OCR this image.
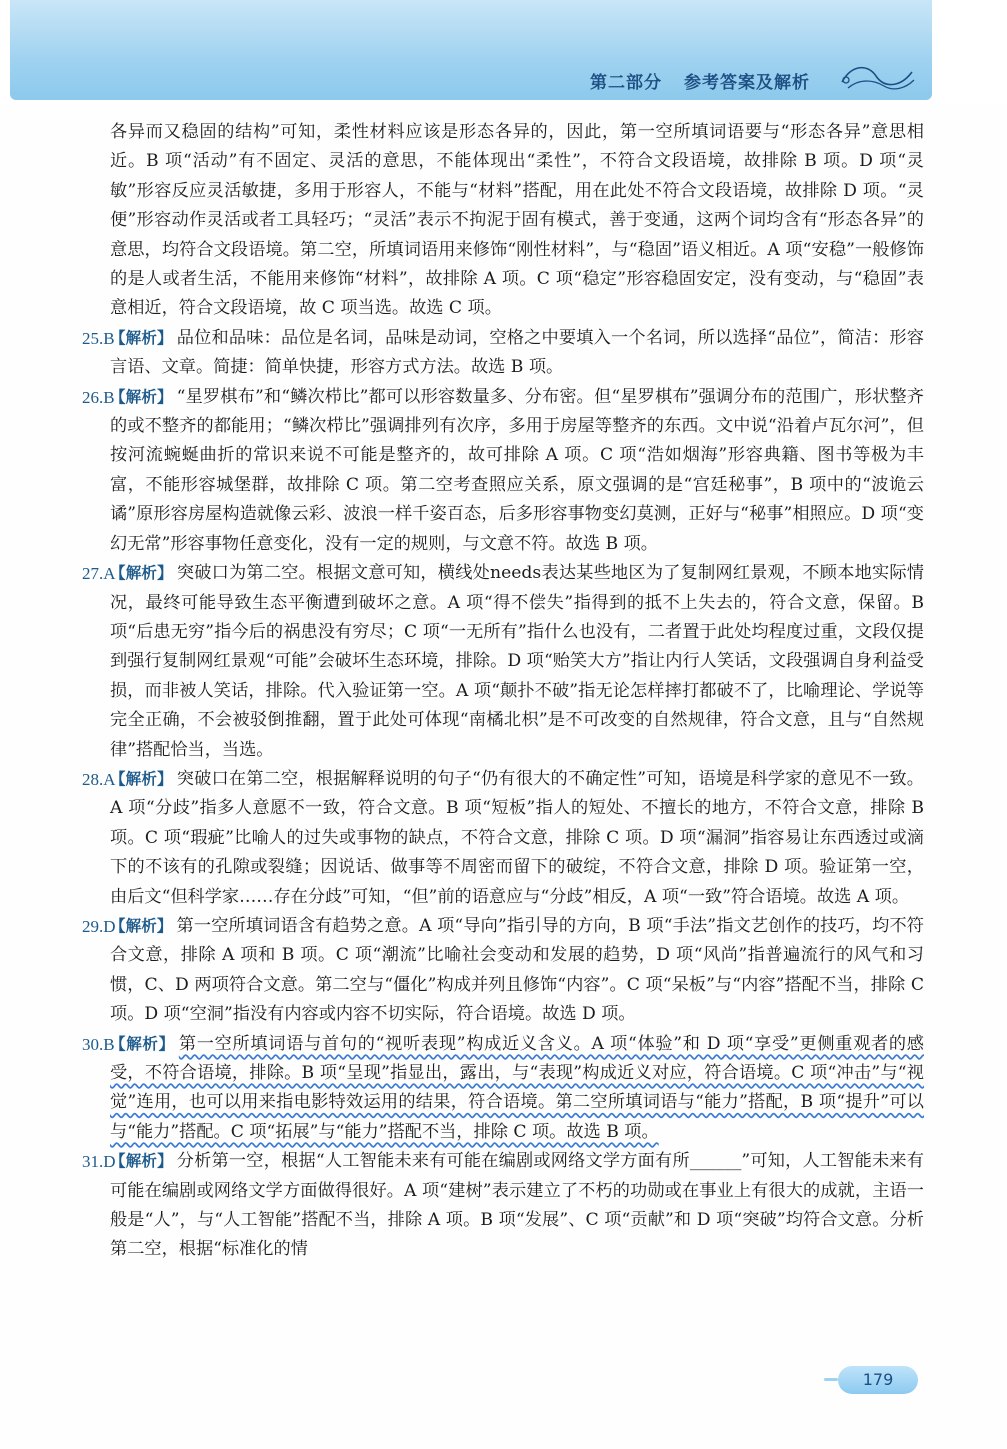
第二部分 参考答案及解析

各异而又稳固的结构”可知，柔性材料应该是形态各异的，因此，第一空所填词语要与“形态各异”意思相近。B 项“活动”有不固定、灵活的意思，不能体现出“柔性”，不符合文段语境，故排除 B 项。D 项“灵敏”形容反应灵活敏捷，多用于形容人，不能与“材料”搭配，用在此处不符合文段语境，故排除 D 项。“灵便”形容动作灵活或者工具轻巧；“灵活”表示不拘泥于固有模式，善于变通，这两个词均含有“形态各异”的意思，均符合文段语境。第二空，所填词语用来修饰“刚性材料”，与“稳固”语义相近。A 项“安稳”一般修饰的是人或者生活，不能用来修饰“材料”，故排除 A 项。C 项“稳定”形容稳固安定，没有变动，与“稳固”表意相近，符合文段语境，故 C 项当选。故选 C 项。

25.B
【解析】 品位和品味：品位是名词，品味是动词，空格之中要填入一个名词，所以选择“品位”，简洁：形容言语、文章。简捷：简单快捷，形容方式方法。故选 B 项。
26.B
【解析】 “星罗棋布”和“鳞次栉比”都可以形容数量多、分布密。但“星罗棋布”强调分布的范围广，形状整齐的或不整齐的都能用；“鳞次栉比”强调排列有次序，多用于房屋等整齐的东西。文中说“沿着卢瓦尔河”，但按河流蜿蜒曲折的常识来说不可能是整齐的，故可排除 A 项。C 项“浩如烟海”形容典籍、图书等极为丰富，不能形容城堡群，故排除 C 项。第二空考查照应关系，原文强调的是“宫廷秘事”，B 项中的“波诡云谲”原形容房屋构造就像云彩、波浪一样千姿百态，后多形容事物变幻莫测，正好与“秘事”相照应。D 项“变幻无常”形容事物任意变化，没有一定的规则，与文意不符。故选 B 项。
27.A
【解析】 突破口为第二空。根据文意可知，横线处needs表达某些地区为了复制网红景观，不顾本地实际情况，最终可能导致生态平衡遭到破坏之意。A 项“得不偿失”指得到的抵不上失去的，符合文意，保留。B 项“后患无穷”指今后的祸患没有穷尽；C 项“一无所有”指什么也没有，二者置于此处均程度过重，文段仅提到强行复制网红景观“可能”会破坏生态环境，排除。D 项“贻笑大方”指让内行人笑话，文段强调自身利益受损，而非被人笑话，排除。代入验证第一空。A 项“颠扑不破”指无论怎样摔打都破不了，比喻理论、学说等完全正确，不会被驳倒推翻，置于此处可体现“南橘北枳”是不可改变的自然规律，符合文意，且与“自然规律”搭配恰当，当选。
28.A
【解析】 突破口在第二空，根据解释说明的句子“仍有很大的不确定性”可知，语境是科学家的意见不一致。A 项“分歧”指多人意愿不一致，符合文意。B 项“短板”指人的短处、不擅长的地方，不符合文意，排除 B 项。C 项“瑕疵”比喻人的过失或事物的缺点，不符合文意，排除 C 项。D 项“漏洞”指容易让东西透过或滴下的不该有的孔隙或裂缝；因说话、做事等不周密而留下的破绽，不符合文意，排除 D 项。验证第一空，由后文“但科学家……存在分歧”可知，“但”前的语意应与“分歧”相反，A 项“一致”符合语境。故选 A 项。
29.D
【解析】 第一空所填词语含有趋势之意。A 项“导向”指引导的方向，B 项“手法”指文艺创作的技巧，均不符合文意，排除 A 项和 B 项。C 项“潮流”比喻社会变动和发展的趋势，D 项“风尚”指普遍流行的风气和习惯，C、D 两项符合文意。第二空与“僵化”构成并列且修饰“内容”。C 项“呆板”与“内容”搭配不当，排除 C 项。D 项“空洞”指没有内容或内容不切实际，符合语境。故选 D 项。
30.B
【解析】 第一空所填词语与首句的“视听表现”构成近义含义。A 项“体验”和 D 项“享受”更侧重观者的感受，不符合语境，排除。B 项“呈现”指显出，露出，与“表现”构成近义对应，符合语境。C 项“冲击”与“视觉”连用，也可以用来指电影特效运用的结果，符合语境。第二空所填词语与“能力”搭配，B 项“提升”可以与“能力”搭配。C 项“拓展”与“能力”搭配不当，排除 C 项。故选 B 项。
31.D
【解析】 分析第一空，根据“人工智能未来有可能在编剧或网络文学方面有所______”可知，人工智能未来有可能在编剧或网络文学方面做得很好。A 项“建树”表示建立了不朽的功勋或在事业上有很大的成就，主语一般是“人”，与“人工智能”搭配不当，排除 A 项。B 项“发展”、C 项“贡献”和 D 项“突破”均符合文意。分析第二空，根据“标准化的情
179
